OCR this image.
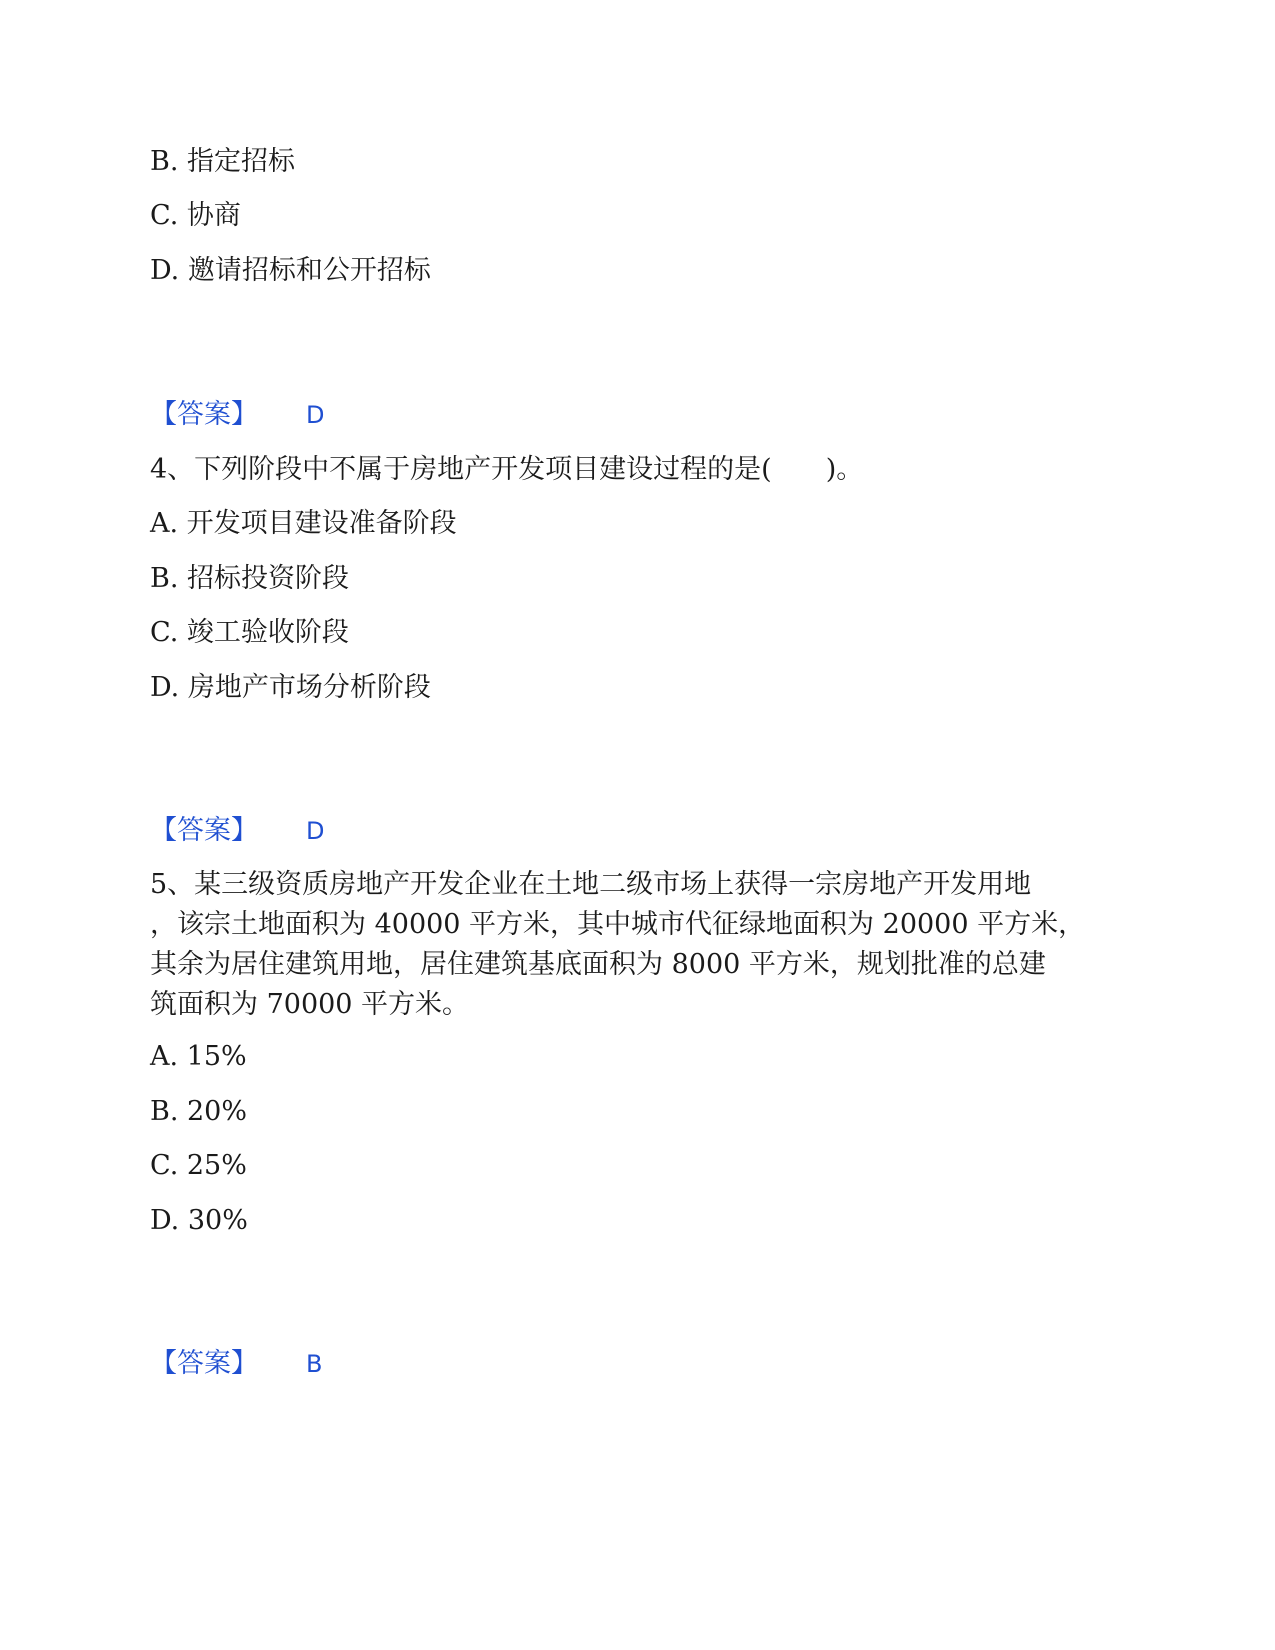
B. 指定招标
C. 协商
D. 邀请招标和公开招标
【答案】 D
4、下列阶段中不属于房地产开发项目建设过程的是(　　)。
A. 开发项目建设准备阶段
B. 招标投资阶段
C. 竣工验收阶段
D. 房地产市场分析阶段
【答案】 D
5、某三级资质房地产开发企业在土地二级市场上获得一宗房地产开发用地
，该宗土地面积为 40000 平方米，其中城市代征绿地面积为 20000 平方米，
其余为居住建筑用地，居住建筑基底面积为 8000 平方米，规划批准的总建
筑面积为 70000 平方米。
A. 15%
B. 20%
C. 25%
D. 30%
【答案】 B
